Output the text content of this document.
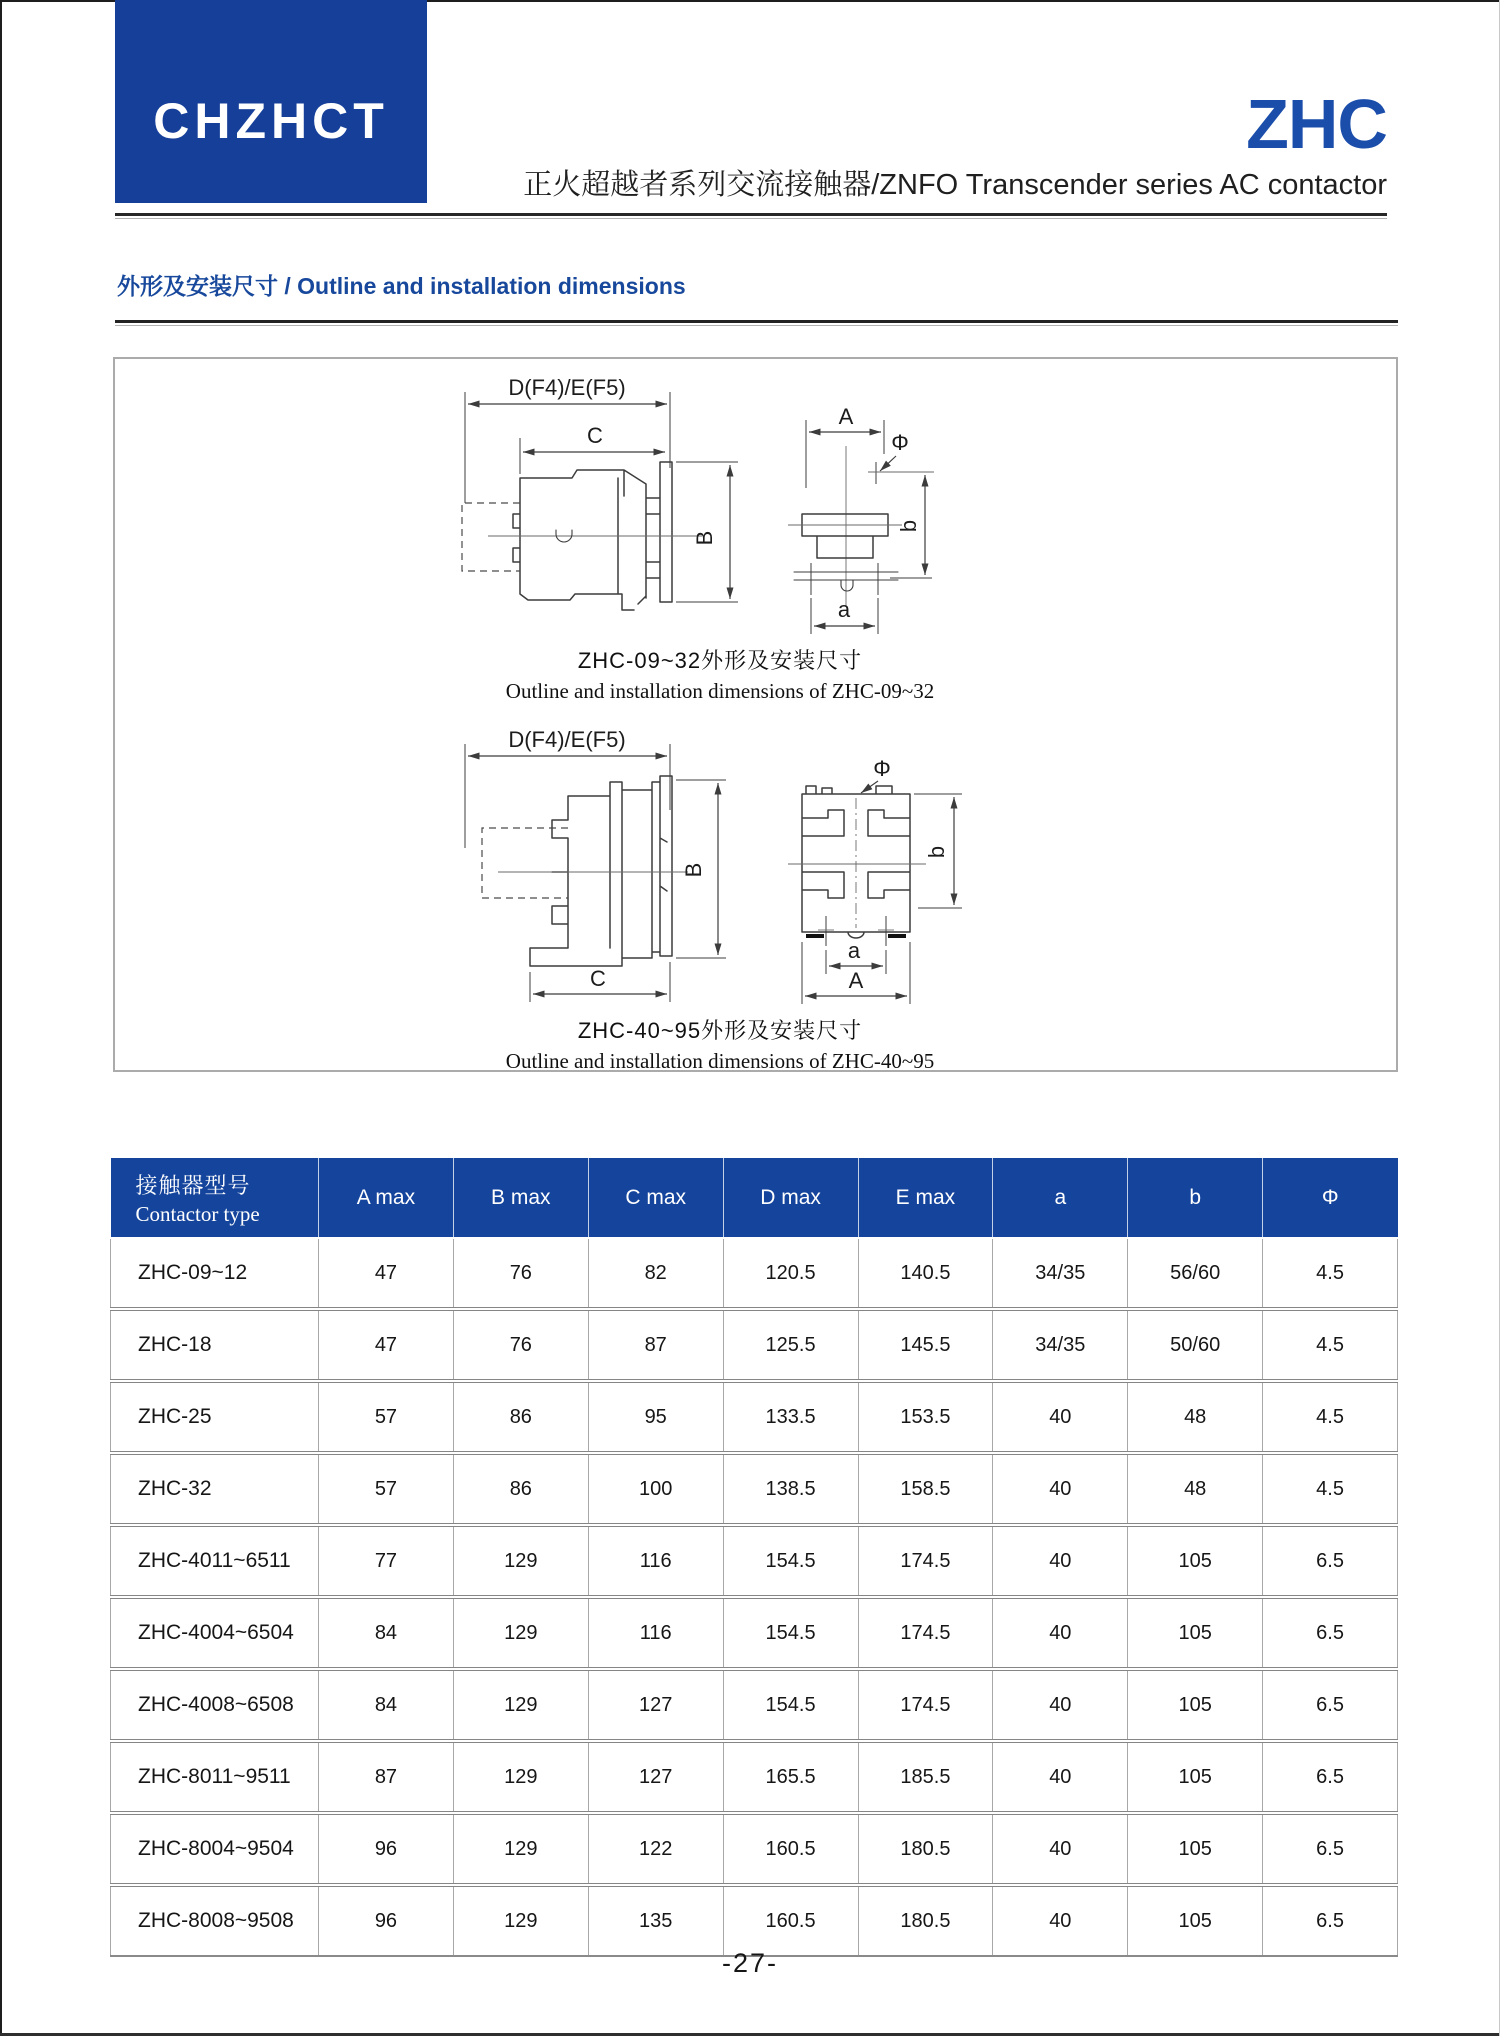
CHZHCT	ZHC
正火超越者系列交流接触器/ZNFO Transcender series AC contactor
外形及安装尺寸 / Outline and installation dimensions
D(F4)/E(F5)
C
B
A
Φ
b
a
ZHC-09~32外形及安装尺寸
Outline and installation dimensions of ZHC-09~32
D(F4)/E(F5)
B
C
Φ
b
a
A
ZHC-40~95外形及安装尺寸
Outline and installation dimensions of ZHC-40~95
接触器型号
Contactor type	A max	B max	C max	D max	E max	a	b	Φ
ZHC-09~12	47	76	82	120.5	140.5	34/35	56/60	4.5
ZHC-18	47	76	87	125.5	145.5	34/35	50/60	4.5
ZHC-25	57	86	95	133.5	153.5	40	48	4.5
ZHC-32	57	86	100	138.5	158.5	40	48	4.5
ZHC-4011~6511	77	129	116	154.5	174.5	40	105	6.5
ZHC-4004~6504	84	129	116	154.5	174.5	40	105	6.5
ZHC-4008~6508	84	129	127	154.5	174.5	40	105	6.5
ZHC-8011~9511	87	129	127	165.5	185.5	40	105	6.5
ZHC-8004~9504	96	129	122	160.5	180.5	40	105	6.5
ZHC-8008~9508	96	129	135	160.5	180.5	40	105	6.5
-27-
